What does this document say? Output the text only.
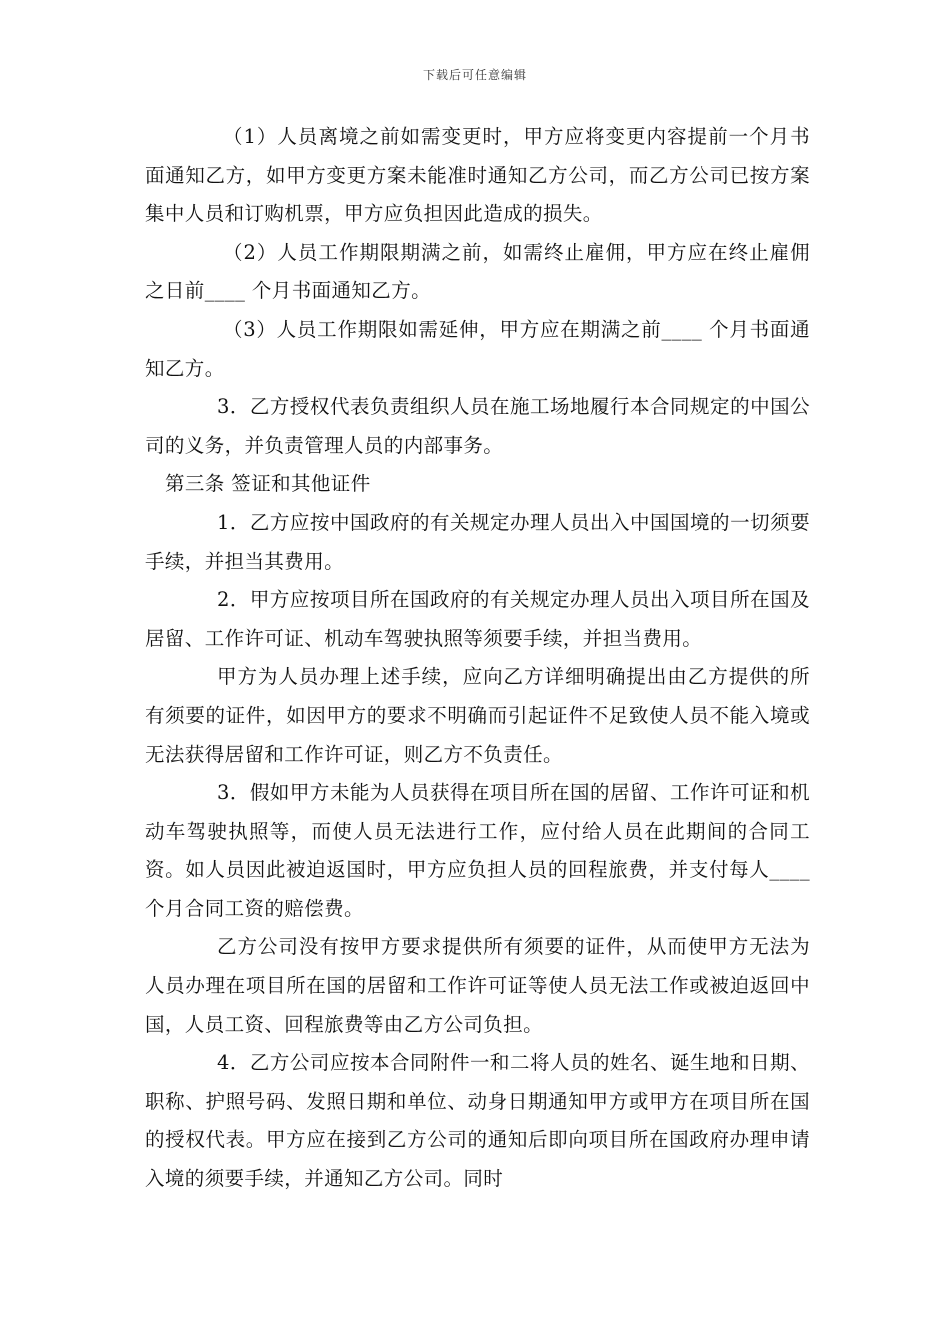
下载后可任意编辑

（1）人员离境之前如需变更时，甲方应将变更内容提前一个月书面通知乙方，如甲方变更方案未能准时通知乙方公司，而乙方公司已按方案集中人员和订购机票，甲方应负担因此造成的损失。

（2）人员工作期限期满之前，如需终止雇佣，甲方应在终止雇佣之日前____ 个月书面通知乙方。

（3）人员工作期限如需延伸，甲方应在期满之前____ 个月书面通知乙方。

3．乙方授权代表负责组织人员在施工场地履行本合同规定的中国公司的义务，并负责管理人员的内部事务。

第三条 签证和其他证件

1．乙方应按中国政府的有关规定办理人员出入中国国境的一切须要手续，并担当其费用。

2．甲方应按项目所在国政府的有关规定办理人员出入项目所在国及居留、工作许可证、机动车驾驶执照等须要手续，并担当费用。

甲方为人员办理上述手续，应向乙方详细明确提出由乙方提供的所有须要的证件，如因甲方的要求不明确而引起证件不足致使人员不能入境或无法获得居留和工作许可证，则乙方不负责任。

3．假如甲方未能为人员获得在项目所在国的居留、工作许可证和机动车驾驶执照等，而使人员无法进行工作，应付给人员在此期间的合同工资。如人员因此被迫返国时，甲方应负担人员的回程旅费，并支付每人____个月合同工资的赔偿费。

乙方公司没有按甲方要求提供所有须要的证件，从而使甲方无法为人员办理在项目所在国的居留和工作许可证等使人员无法工作或被迫返回中国，人员工资、回程旅费等由乙方公司负担。

4．乙方公司应按本合同附件一和二将人员的姓名、诞生地和日期、职称、护照号码、发照日期和单位、动身日期通知甲方或甲方在项目所在国的授权代表。甲方应在接到乙方公司的通知后即向项目所在国政府办理申请入境的须要手续，并通知乙方公司。同时
